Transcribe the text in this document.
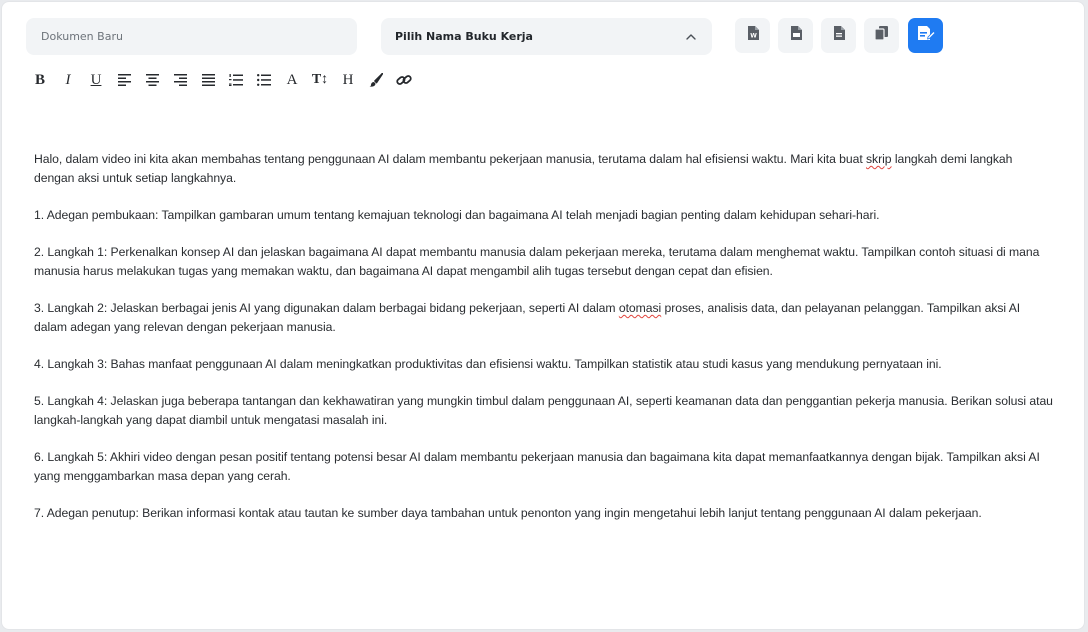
Dokumen Baru
Pilih Nama Buku Kerja	W
B	I	U	A	T↕ H

Halo, dalam video ini kita akan membahas tentang penggunaan AI dalam membantu pekerjaan manusia, terutama dalam hal efisiensi waktu. Mari kita buat skrip langkah demi langkah dengan aksi untuk setiap langkahnya.

1. Adegan pembukaan: Tampilkan gambaran umum tentang kemajuan teknologi dan bagaimana AI telah menjadi bagian penting dalam kehidupan sehari-hari.

2. Langkah 1: Perkenalkan konsep AI dan jelaskan bagaimana AI dapat membantu manusia dalam pekerjaan mereka, terutama dalam menghemat waktu. Tampilkan contoh situasi di mana manusia harus melakukan tugas yang memakan waktu, dan bagaimana AI dapat mengambil alih tugas tersebut dengan cepat dan efisien.

3. Langkah 2: Jelaskan berbagai jenis AI yang digunakan dalam berbagai bidang pekerjaan, seperti AI dalam otomasi proses, analisis data, dan pelayanan pelanggan. Tampilkan aksi AI dalam adegan yang relevan dengan pekerjaan manusia.

4. Langkah 3: Bahas manfaat penggunaan AI dalam meningkatkan produktivitas dan efisiensi waktu. Tampilkan statistik atau studi kasus yang mendukung pernyataan ini.

5. Langkah 4: Jelaskan juga beberapa tantangan dan kekhawatiran yang mungkin timbul dalam penggunaan AI, seperti keamanan data dan penggantian pekerja manusia. Berikan solusi atau langkah-langkah yang dapat diambil untuk mengatasi masalah ini.

6. Langkah 5: Akhiri video dengan pesan positif tentang potensi besar AI dalam membantu pekerjaan manusia dan bagaimana kita dapat memanfaatkannya dengan bijak. Tampilkan aksi AI yang menggambarkan masa depan yang cerah.

7. Adegan penutup: Berikan informasi kontak atau tautan ke sumber daya tambahan untuk penonton yang ingin mengetahui lebih lanjut tentang penggunaan AI dalam pekerjaan.
